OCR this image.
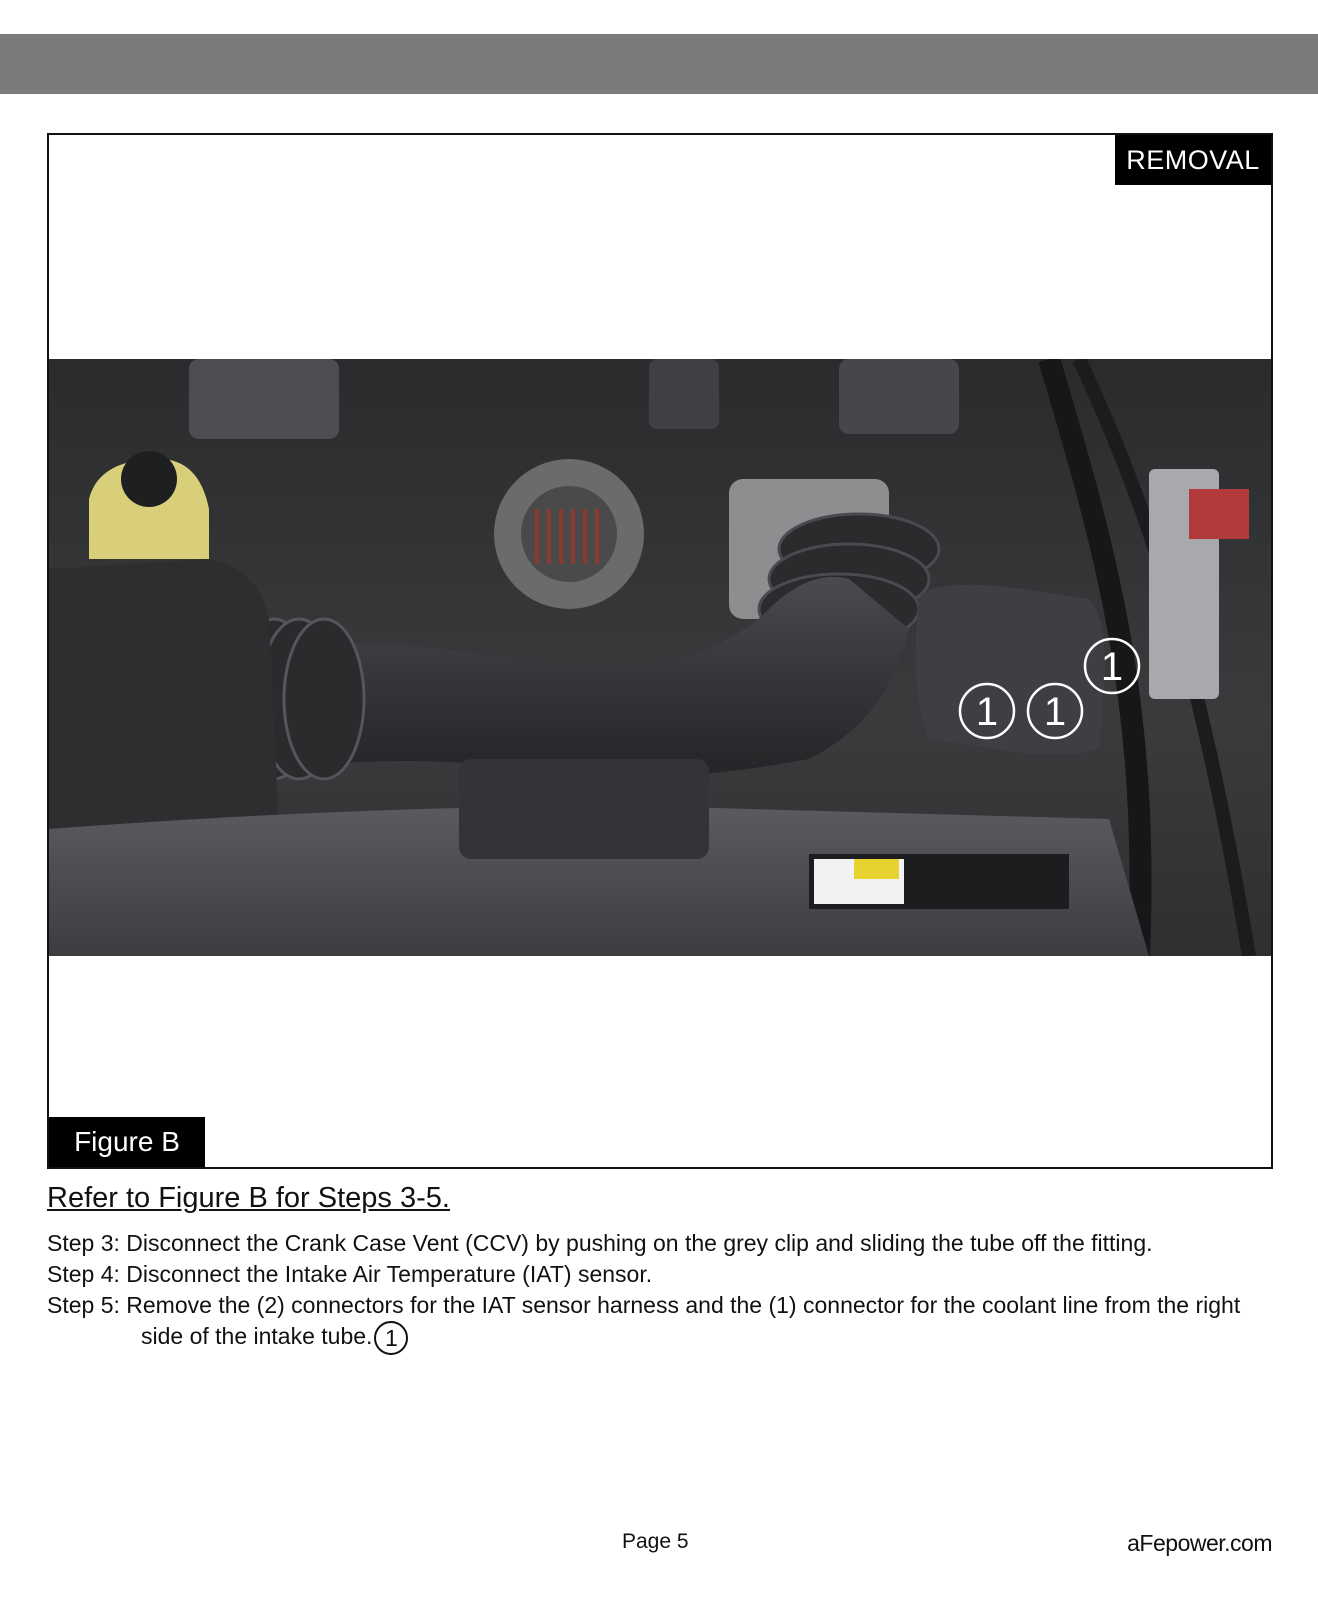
REMOVAL
1 1
1
Figure B
Refer to Figure B for Steps 3-5.
Step 3: Disconnect the Crank Case Vent (CCV) by pushing on the grey clip and sliding the tube off the fitting.
Step 4: Disconnect the Intake Air Temperature (IAT) sensor.
Step 5: Remove the (2) connectors for the IAT sensor harness and the (1) connector for the coolant line from the right side of the intake tube. 1
Page 5	aFepower.com
